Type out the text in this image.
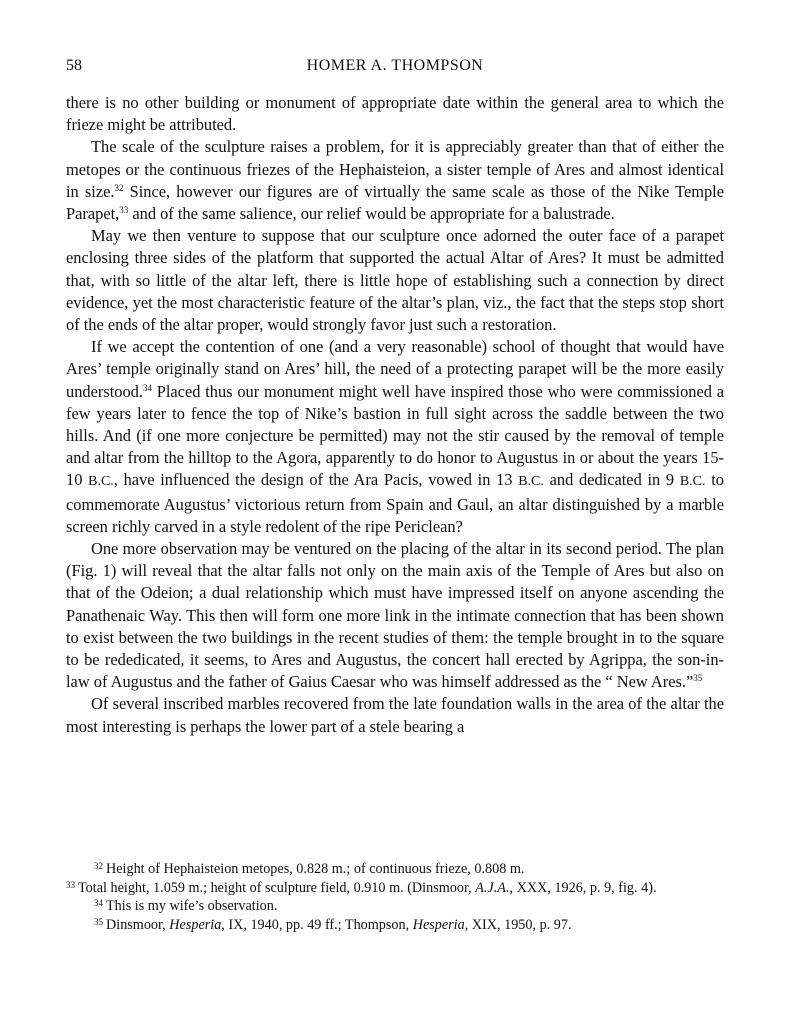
58	HOMER A. THOMPSON

there is no other building or monument of appropriate date within the general area to which the frieze might be attributed.

The scale of the sculpture raises a problem, for it is appreciably greater than that of either the metopes or the continuous friezes of the Hephaisteion, a sister temple of Ares and almost identical in size.$^{32}$ Since, however our figures are of virtually the same scale as those of the Nike Temple Parapet,$^{33}$ and of the same salience, our relief would be appropriate for a balustrade.

May we then venture to suppose that our sculpture once adorned the outer face of a parapet enclosing three sides of the platform that supported the actual Altar of Ares? It must be admitted that, with so little of the altar left, there is little hope of establishing such a connection by direct evidence, yet the most characteristic feature of the altar’s plan, viz., the fact that the steps stop short of the ends of the altar proper, would strongly favor just such a restoration.

If we accept the contention of one (and a very reasonable) school of thought that would have Ares’ temple originally stand on Ares’ hill, the need of a protecting parapet will be the more easily understood.$^{34}$ Placed thus our monument might well have inspired those who were commissioned a few years later to fence the top of Nike’s bastion in full sight across the saddle between the two hills. And (if one more conjecture be permitted) may not the stir caused by the removal of temple and altar from the hilltop to the Agora, apparently to do honor to Augustus in or about the years 15-10 B.C., have influenced the design of the Ara Pacis, vowed in 13 B.C. and dedicated in 9 B.C. to commemorate Augustus’ victorious return from Spain and Gaul, an altar distinguished by a marble screen richly carved in a style redolent of the ripe Periclean?

One more observation may be ventured on the placing of the altar in its second period. The plan (Fig. 1) will reveal that the altar falls not only on the main axis of the Temple of Ares but also on that of the Odeion; a dual relationship which must have impressed itself on anyone ascending the Panathenaic Way. This then will form one more link in the intimate connection that has been shown to exist between the two buildings in the recent studies of them: the temple brought in to the square to be rededicated, it seems, to Ares and Augustus, the concert hall erected by Agrippa, the son-in-law of Augustus and the father of Gaius Caesar who was himself addressed as the “ New Ares.”$^{35}$

Of several inscribed marbles recovered from the late foundation walls in the area of the altar the most interesting is perhaps the lower part of a stele bearing a

$^{32}$ Height of Hephaisteion metopes, 0.828 m.; of continuous frieze, 0.808 m.

$^{33}$ Total height, 1.059 m.; height of sculpture field, 0.910 m. (Dinsmoor, A.J.A., XXX, 1926, p. 9, fig. 4).

$^{34}$ This is my wife’s observation.

$^{35}$ Dinsmoor, Hesperia, IX, 1940, pp. 49 ff.; Thompson, Hesperia, XIX, 1950, p. 97.
